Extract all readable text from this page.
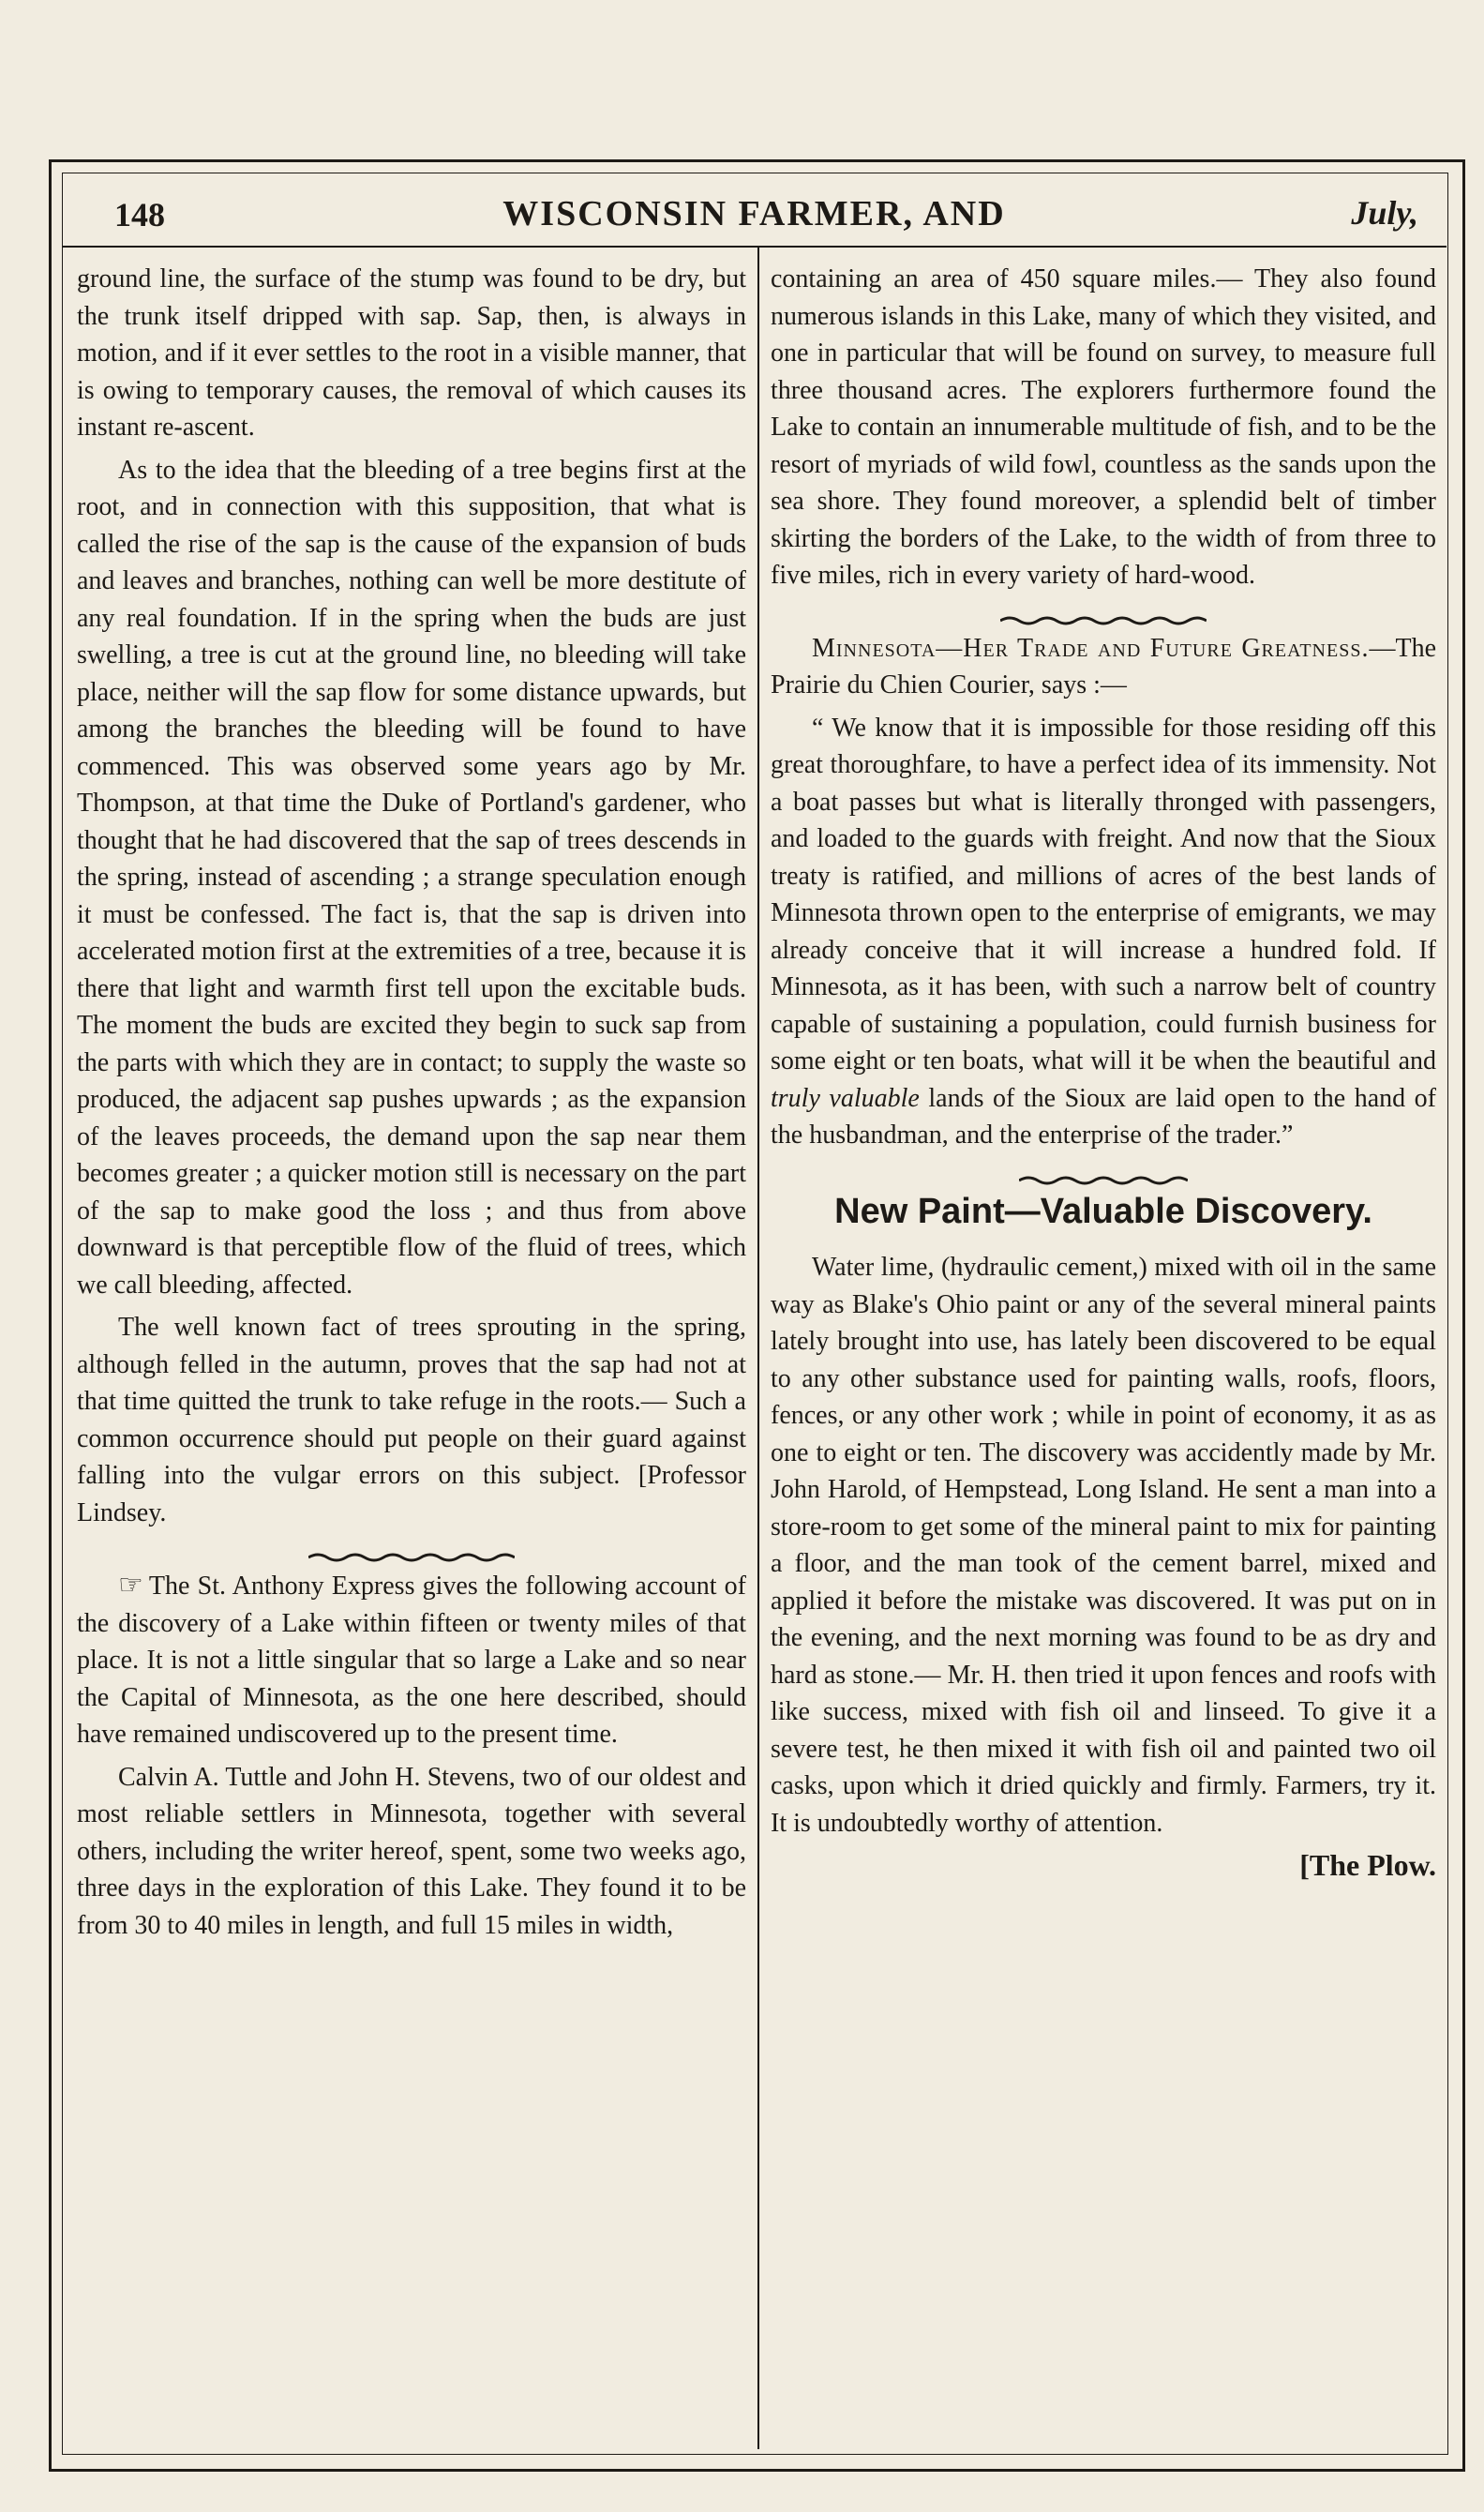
148	WISCONSIN FARMER, AND	July,

ground line, the surface of the stump was found to be dry, but the trunk itself dripped with sap. Sap, then, is always in motion, and if it ever settles to the root in a visible manner, that is owing to temporary causes, the removal of which causes its instant re-ascent.

As to the idea that the bleeding of a tree begins first at the root, and in connection with this supposition, that what is called the rise of the sap is the cause of the expansion of buds and leaves and branches, nothing can well be more destitute of any real foundation. If in the spring when the buds are just swelling, a tree is cut at the ground line, no bleeding will take place, neither will the sap flow for some distance upwards, but among the branches the bleeding will be found to have commenced. This was observed some years ago by Mr. Thompson, at that time the Duke of Portland's gardener, who thought that he had discovered that the sap of trees descends in the spring, instead of ascending ; a strange speculation enough it must be confessed. The fact is, that the sap is driven into accelerated motion first at the extremities of a tree, because it is there that light and warmth first tell upon the excitable buds. The moment the buds are excited they begin to suck sap from the parts with which they are in contact; to supply the waste so produced, the adjacent sap pushes upwards ; as the expansion of the leaves proceeds, the demand upon the sap near them becomes greater ; a quicker motion still is necessary on the part of the sap to make good the loss ; and thus from above downward is that perceptible flow of the fluid of trees, which we call bleeding, affected.

The well known fact of trees sprouting in the spring, although felled in the autumn, proves that the sap had not at that time quitted the trunk to take refuge in the roots.— Such a common occurrence should put people on their guard against falling into the vulgar errors on this subject. [Professor Lindsey.

☞ The St. Anthony Express gives the following account of the discovery of a Lake within fifteen or twenty miles of that place. It is not a little singular that so large a Lake and so near the Capital of Minnesota, as the one here described, should have remained undiscovered up to the present time.

Calvin A. Tuttle and John H. Stevens, two of our oldest and most reliable settlers in Minnesota, together with several others, including the writer hereof, spent, some two weeks ago, three days in the exploration of this Lake. They found it to be from 30 to 40 miles in length, and full 15 miles in width,

containing an area of 450 square miles.— They also found numerous islands in this Lake, many of which they visited, and one in particular that will be found on survey, to measure full three thousand acres. The explorers furthermore found the Lake to contain an innumerable multitude of fish, and to be the resort of myriads of wild fowl, countless as the sands upon the sea shore. They found moreover, a splendid belt of timber skirting the borders of the Lake, to the width of from three to five miles, rich in every variety of hard-wood.

Minnesota—Her Trade and Future Greatness.—The Prairie du Chien Courier, says :—

“ We know that it is impossible for those residing off this great thoroughfare, to have a perfect idea of its immensity. Not a boat passes but what is literally thronged with passengers, and loaded to the guards with freight. And now that the Sioux treaty is ratified, and millions of acres of the best lands of Minnesota thrown open to the enterprise of emigrants, we may already conceive that it will increase a hundred fold. If Minnesota, as it has been, with such a narrow belt of country capable of sustaining a population, could furnish business for some eight or ten boats, what will it be when the beautiful and truly valuable lands of the Sioux are laid open to the hand of the husbandman, and the enterprise of the trader.”

New Paint—Valuable Discovery.

Water lime, (hydraulic cement,) mixed with oil in the same way as Blake's Ohio paint or any of the several mineral paints lately brought into use, has lately been discovered to be equal to any other substance used for painting walls, roofs, floors, fences, or any other work ; while in point of economy, it as as one to eight or ten. The discovery was accidently made by Mr. John Harold, of Hempstead, Long Island. He sent a man into a store-room to get some of the mineral paint to mix for painting a floor, and the man took of the cement barrel, mixed and applied it before the mistake was discovered. It was put on in the evening, and the next morning was found to be as dry and hard as stone.— Mr. H. then tried it upon fences and roofs with like success, mixed with fish oil and linseed. To give it a severe test, he then mixed it with fish oil and painted two oil casks, upon which it dried quickly and firmly. Farmers, try it. It is undoubtedly worthy of attention.

[The Plow.
